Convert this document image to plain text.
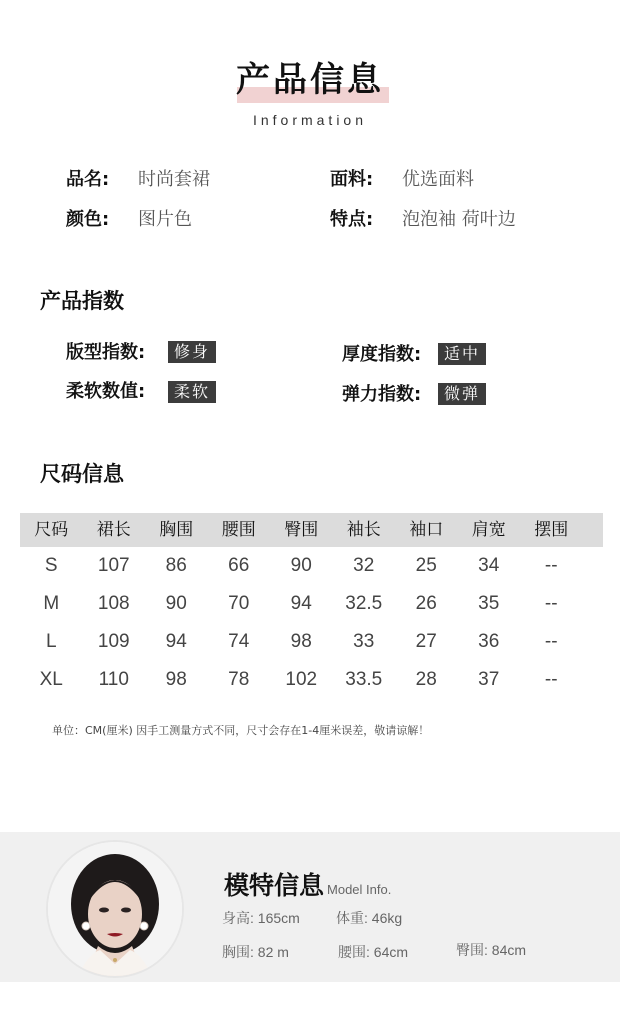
产品信息
Information
品名: 时尚套裙	面料: 优选面料
颜色: 图片色	特点: 泡泡袖 荷叶边
产品指数
版型指数:	修身	厚度指数:	适中
柔软数值:	柔软	弹力指数:	微弹
尺码信息
尺码	裙长	胸围	腰围	臀围	袖长	袖口	肩宽	摆围
S	107	86	66	90	32	25	34	--
M	108	90	70	94	32.5	26	35	--
L	109	94	74	98	33	27	36	--
XL	110	98	78	102	33.5	28	37	--
单位：CM(厘米) 因手工测量方式不同，尺寸会存在1-4厘米误差，敬请谅解！
模特信息 Model Info.
身高: 165cm	体重: 46kg
胸围: 82 m	腰围: 64cm	臀围: 84cm
